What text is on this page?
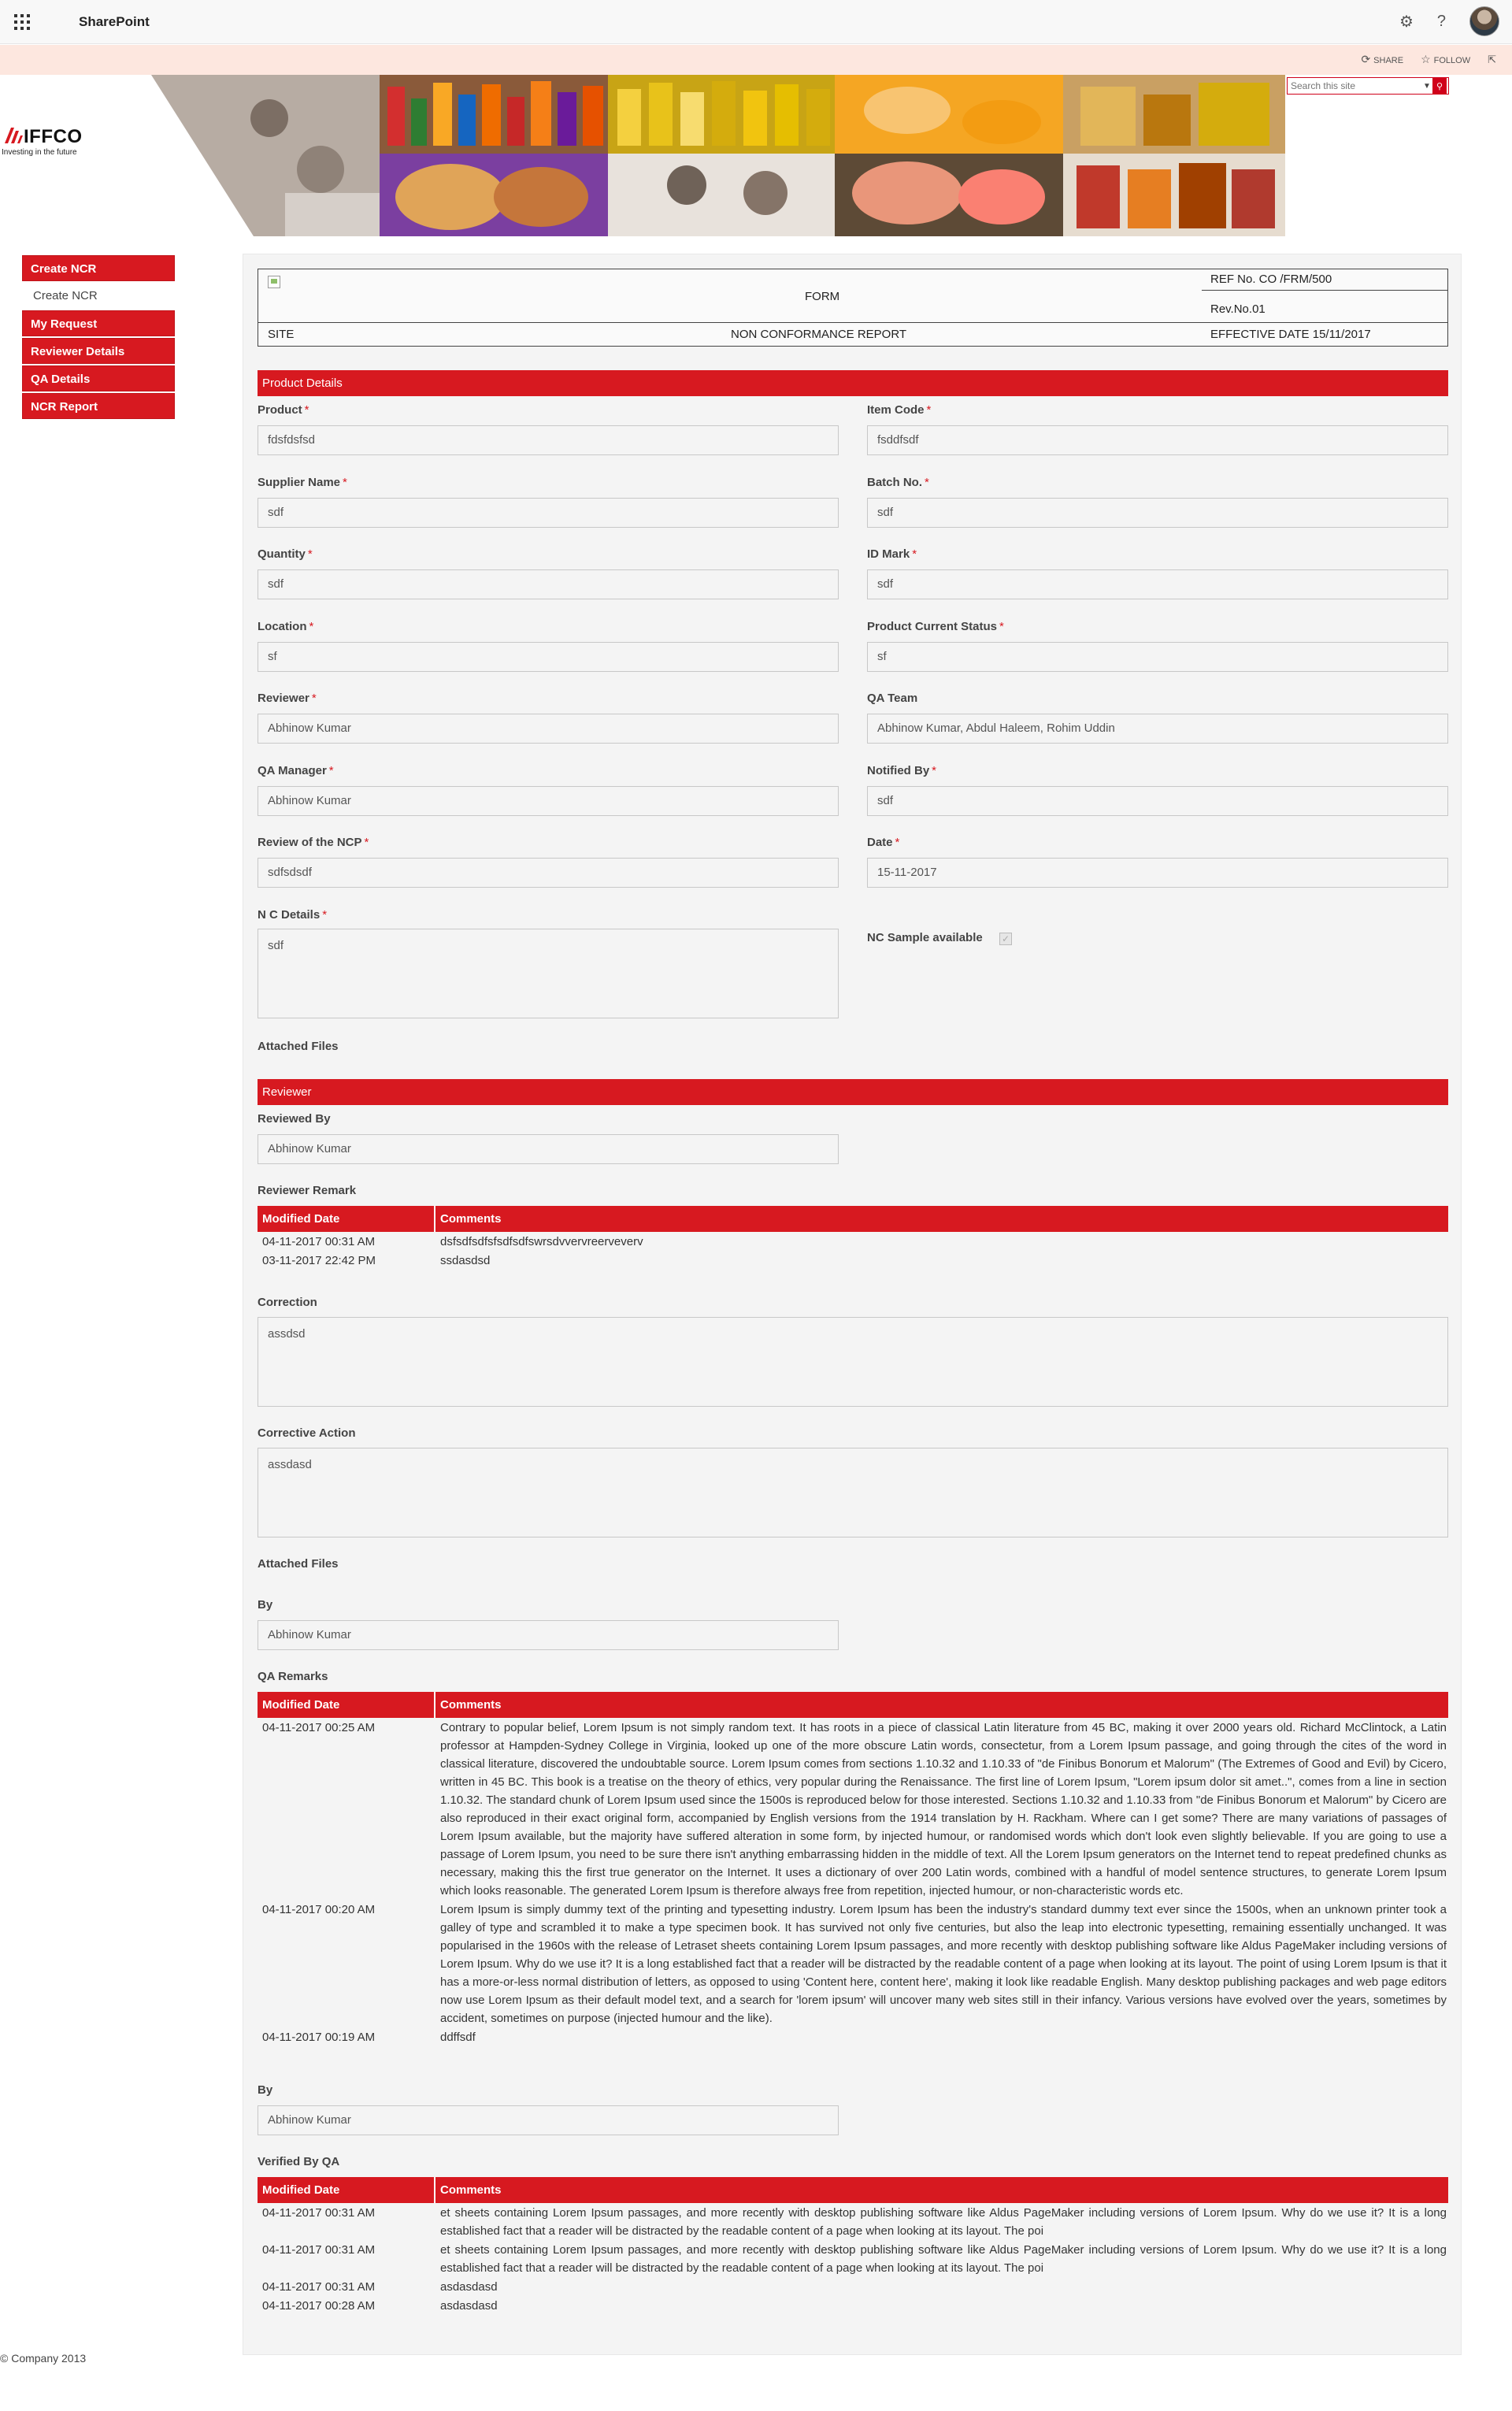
SharePoint	⚙ ?
⟳ SHARE ☆ FOLLOW ⇱
Search this site
▼ ⚲
IFFCO
Investing in the future
Create NCR
Create NCR
My Request
Reviewer Details
QA Details
NCR Report
FORM
REF No. CO /FRM/500
Rev.No.01
SITE	NON CONFORMANCE REPORT	EFFECTIVE DATE 15/11/2017
Product Details
Product *
fdsfdsfsd
Item Code *
fsddfsdf
Supplier Name *
sdf
Batch No. *
sdf
Quantity *
sdf
ID Mark *
sdf
Location *
sf
Product Current Status *
sf
Reviewer *
Abhinow Kumar
QA Team
Abhinow Kumar, Abdul Haleem, Rohim Uddin
QA Manager *
Abhinow Kumar
Notified By *
sdf
Review of the NCP *
sdfsdsdf
Date *
15-11-2017
N C Details *
sdf
NC Sample available ✓
Attached Files
Reviewer
Reviewed By
Abhinow Kumar
Reviewer Remark
Modified Date	Comments
04-11-2017 00:31 AM	dsfsdfsdfsfsdfsdfswrsdvvervreerveverv
03-11-2017 22:42 PM	ssdasdsd
Correction
assdsd
Corrective Action
assdasd
Attached Files
By
Abhinow Kumar
QA Remarks
Modified Date	Comments
04-11-2017 00:25 AM	Contrary to popular belief, Lorem Ipsum is not simply random text. It has roots in a piece of classical Latin literature from 45 BC, making it over 2000 years old. Richard McClintock, a Latin professor at Hampden-Sydney College in Virginia, looked up one of the more obscure Latin words, consectetur, from a Lorem Ipsum passage, and going through the cites of the word in classical literature, discovered the undoubtable source. Lorem Ipsum comes from sections 1.10.32 and 1.10.33 of "de Finibus Bonorum et Malorum" (The Extremes of Good and Evil) by Cicero, written in 45 BC. This book is a treatise on the theory of ethics, very popular during the Renaissance. The first line of Lorem Ipsum, "Lorem ipsum dolor sit amet..", comes from a line in section 1.10.32. The standard chunk of Lorem Ipsum used since the 1500s is reproduced below for those interested. Sections 1.10.32 and 1.10.33 from "de Finibus Bonorum et Malorum" by Cicero are also reproduced in their exact original form, accompanied by English versions from the 1914 translation by H. Rackham. Where can I get some? There are many variations of passages of Lorem Ipsum available, but the majority have suffered alteration in some form, by injected humour, or randomised words which don't look even slightly believable. If you are going to use a passage of Lorem Ipsum, you need to be sure there isn't anything embarrassing hidden in the middle of text. All the Lorem Ipsum generators on the Internet tend to repeat predefined chunks as necessary, making this the first true generator on the Internet. It uses a dictionary of over 200 Latin words, combined with a handful of model sentence structures, to generate Lorem Ipsum which looks reasonable. The generated Lorem Ipsum is therefore always free from repetition, injected humour, or non-characteristic words etc.
04-11-2017 00:20 AM	Lorem Ipsum is simply dummy text of the printing and typesetting industry. Lorem Ipsum has been the industry's standard dummy text ever since the 1500s, when an unknown printer took a galley of type and scrambled it to make a type specimen book. It has survived not only five centuries, but also the leap into electronic typesetting, remaining essentially unchanged. It was popularised in the 1960s with the release of Letraset sheets containing Lorem Ipsum passages, and more recently with desktop publishing software like Aldus PageMaker including versions of Lorem Ipsum. Why do we use it? It is a long established fact that a reader will be distracted by the readable content of a page when looking at its layout. The point of using Lorem Ipsum is that it has a more-or-less normal distribution of letters, as opposed to using 'Content here, content here', making it look like readable English. Many desktop publishing packages and web page editors now use Lorem Ipsum as their default model text, and a search for 'lorem ipsum' will uncover many web sites still in their infancy. Various versions have evolved over the years, sometimes by accident, sometimes on purpose (injected humour and the like).
04-11-2017 00:19 AM	ddffsdf
By
Abhinow Kumar
Verified By QA
Modified Date	Comments
04-11-2017 00:31 AM	et sheets containing Lorem Ipsum passages, and more recently with desktop publishing software like Aldus PageMaker including versions of Lorem Ipsum. Why do we use it? It is a long established fact that a reader will be distracted by the readable content of a page when looking at its layout. The poi
04-11-2017 00:31 AM	et sheets containing Lorem Ipsum passages, and more recently with desktop publishing software like Aldus PageMaker including versions of Lorem Ipsum. Why do we use it? It is a long established fact that a reader will be distracted by the readable content of a page when looking at its layout. The poi
04-11-2017 00:31 AM	asdasdasd
04-11-2017 00:28 AM	asdasdasd
© Company 2013
